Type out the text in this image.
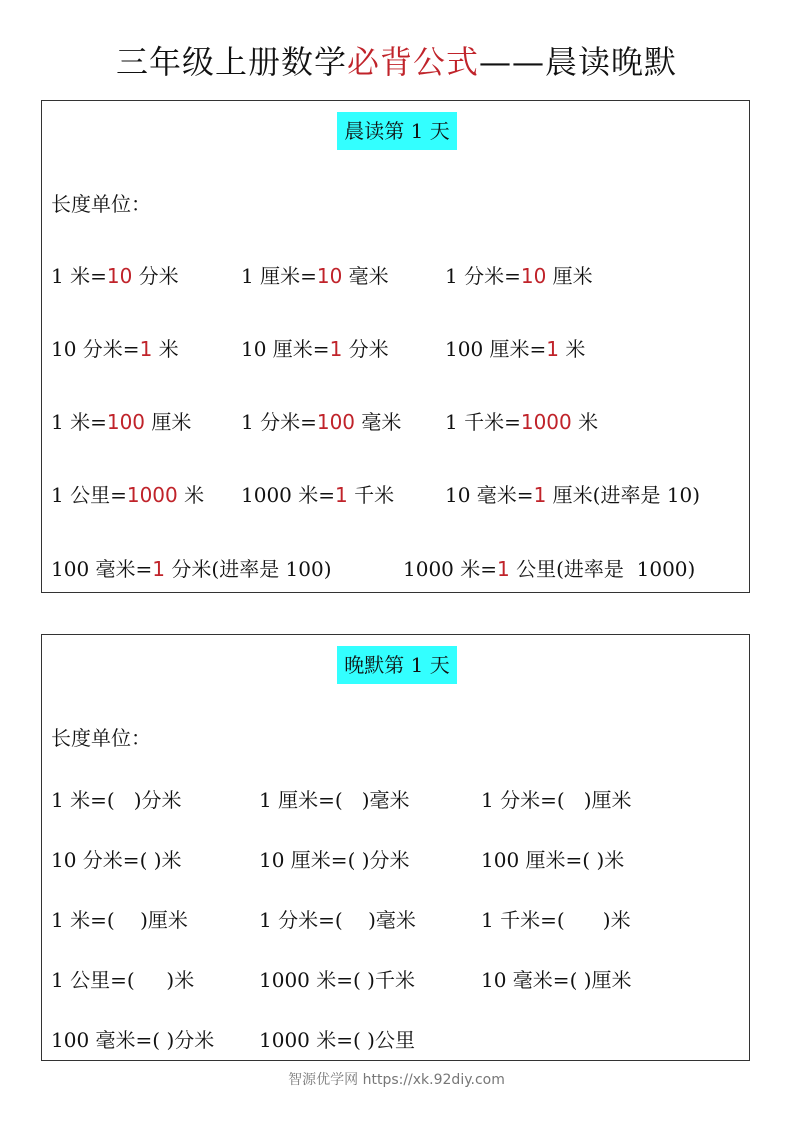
三年级上册数学必背公式——晨读晚默
晨读第 1 天
长度单位：
1 米=10 分米	1 厘米=10 毫米	1 分米=10 厘米
10 分米=1 米	10 厘米=1 分米	100 厘米=1 米
1 米=100 厘米 1 分米=100 毫米 1 千米=1000 米
1 公里=1000 米 1000 米=1 千米	10 毫米=1 厘米(进率是 10)
100 毫米=1 分米(进率是 100)	1000 米=1 公里(进率是  1000)
晚默第 1 天
长度单位：
1 米=(   )分米	1 厘米=(   )毫米	1 分米=(   )厘米
10 分米=( )米	10 厘米=( )分米	100 厘米=( )米
1 米=(    )厘米	1 分米=(    )毫米	1 千米=(      )米
1 公里=(     )米	1000 米=( )千米	10 毫米=( )厘米
100 毫米=( )分米 1000 米=( )公里
智源优学网 https://xk.92diy.com
